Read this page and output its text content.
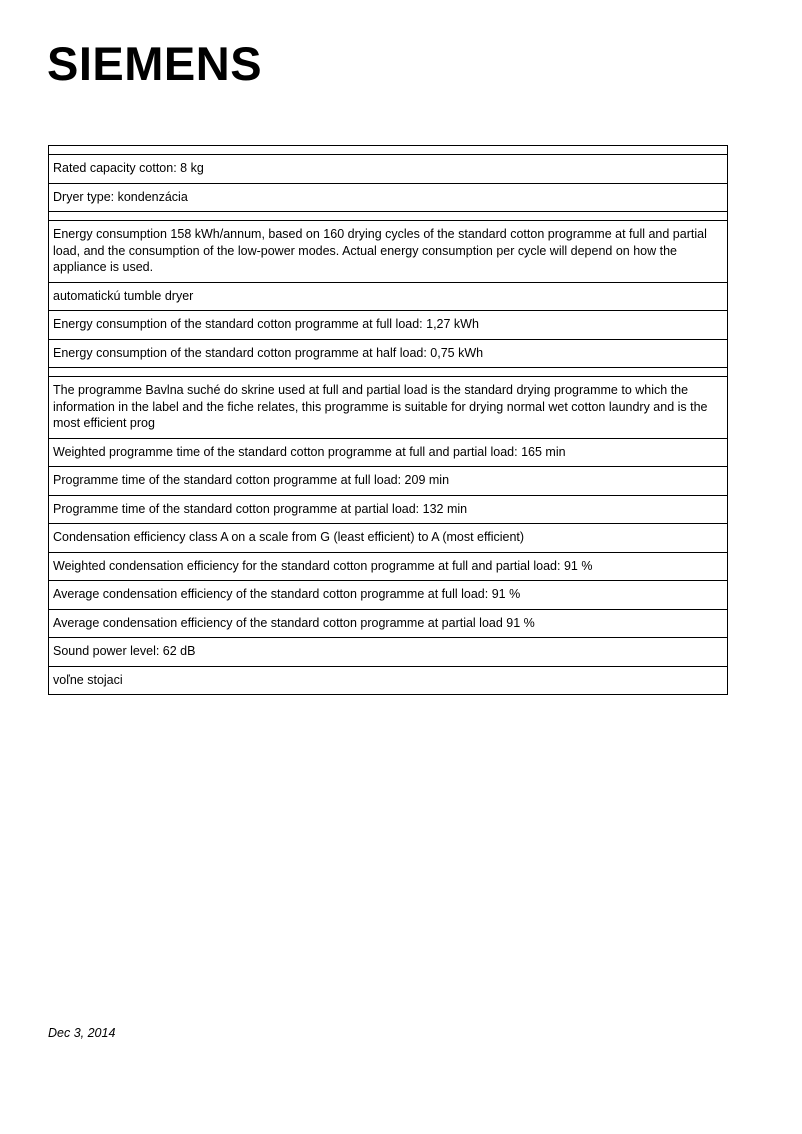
SIEMENS

Rated capacity cotton: 8 kg

Dryer type: kondenzácia

Energy consumption 158 kWh/annum, based on 160 drying cycles of the standard cotton programme at full and partial load, and the consumption of the low-power modes. Actual energy consumption per cycle will depend on how the appliance is used.

automatickú tumble dryer

Energy consumption of the standard cotton programme at full load: 1,27 kWh

Energy consumption of the standard cotton programme at half load: 0,75 kWh

The programme Bavlna suché do skrine used at full and partial load is the standard drying programme to which the information in the label and the fiche relates, this programme is suitable for drying normal wet cotton laundry and is the most efficient prog

Weighted programme time of the standard cotton programme at full and partial load: 165 min

Programme time of the standard cotton programme at full load: 209 min

Programme time of the standard cotton programme at partial load: 132 min

Condensation efficiency class A on a scale from G (least efficient) to A (most efficient)

Weighted condensation efficiency for the standard cotton programme at full and partial load: 91 %

Average condensation efficiency of the standard cotton programme at full load: 91 %

Average condensation efficiency of the standard cotton programme at partial load 91 %

Sound power level: 62 dB

voľne stojaci
Dec 3, 2014
